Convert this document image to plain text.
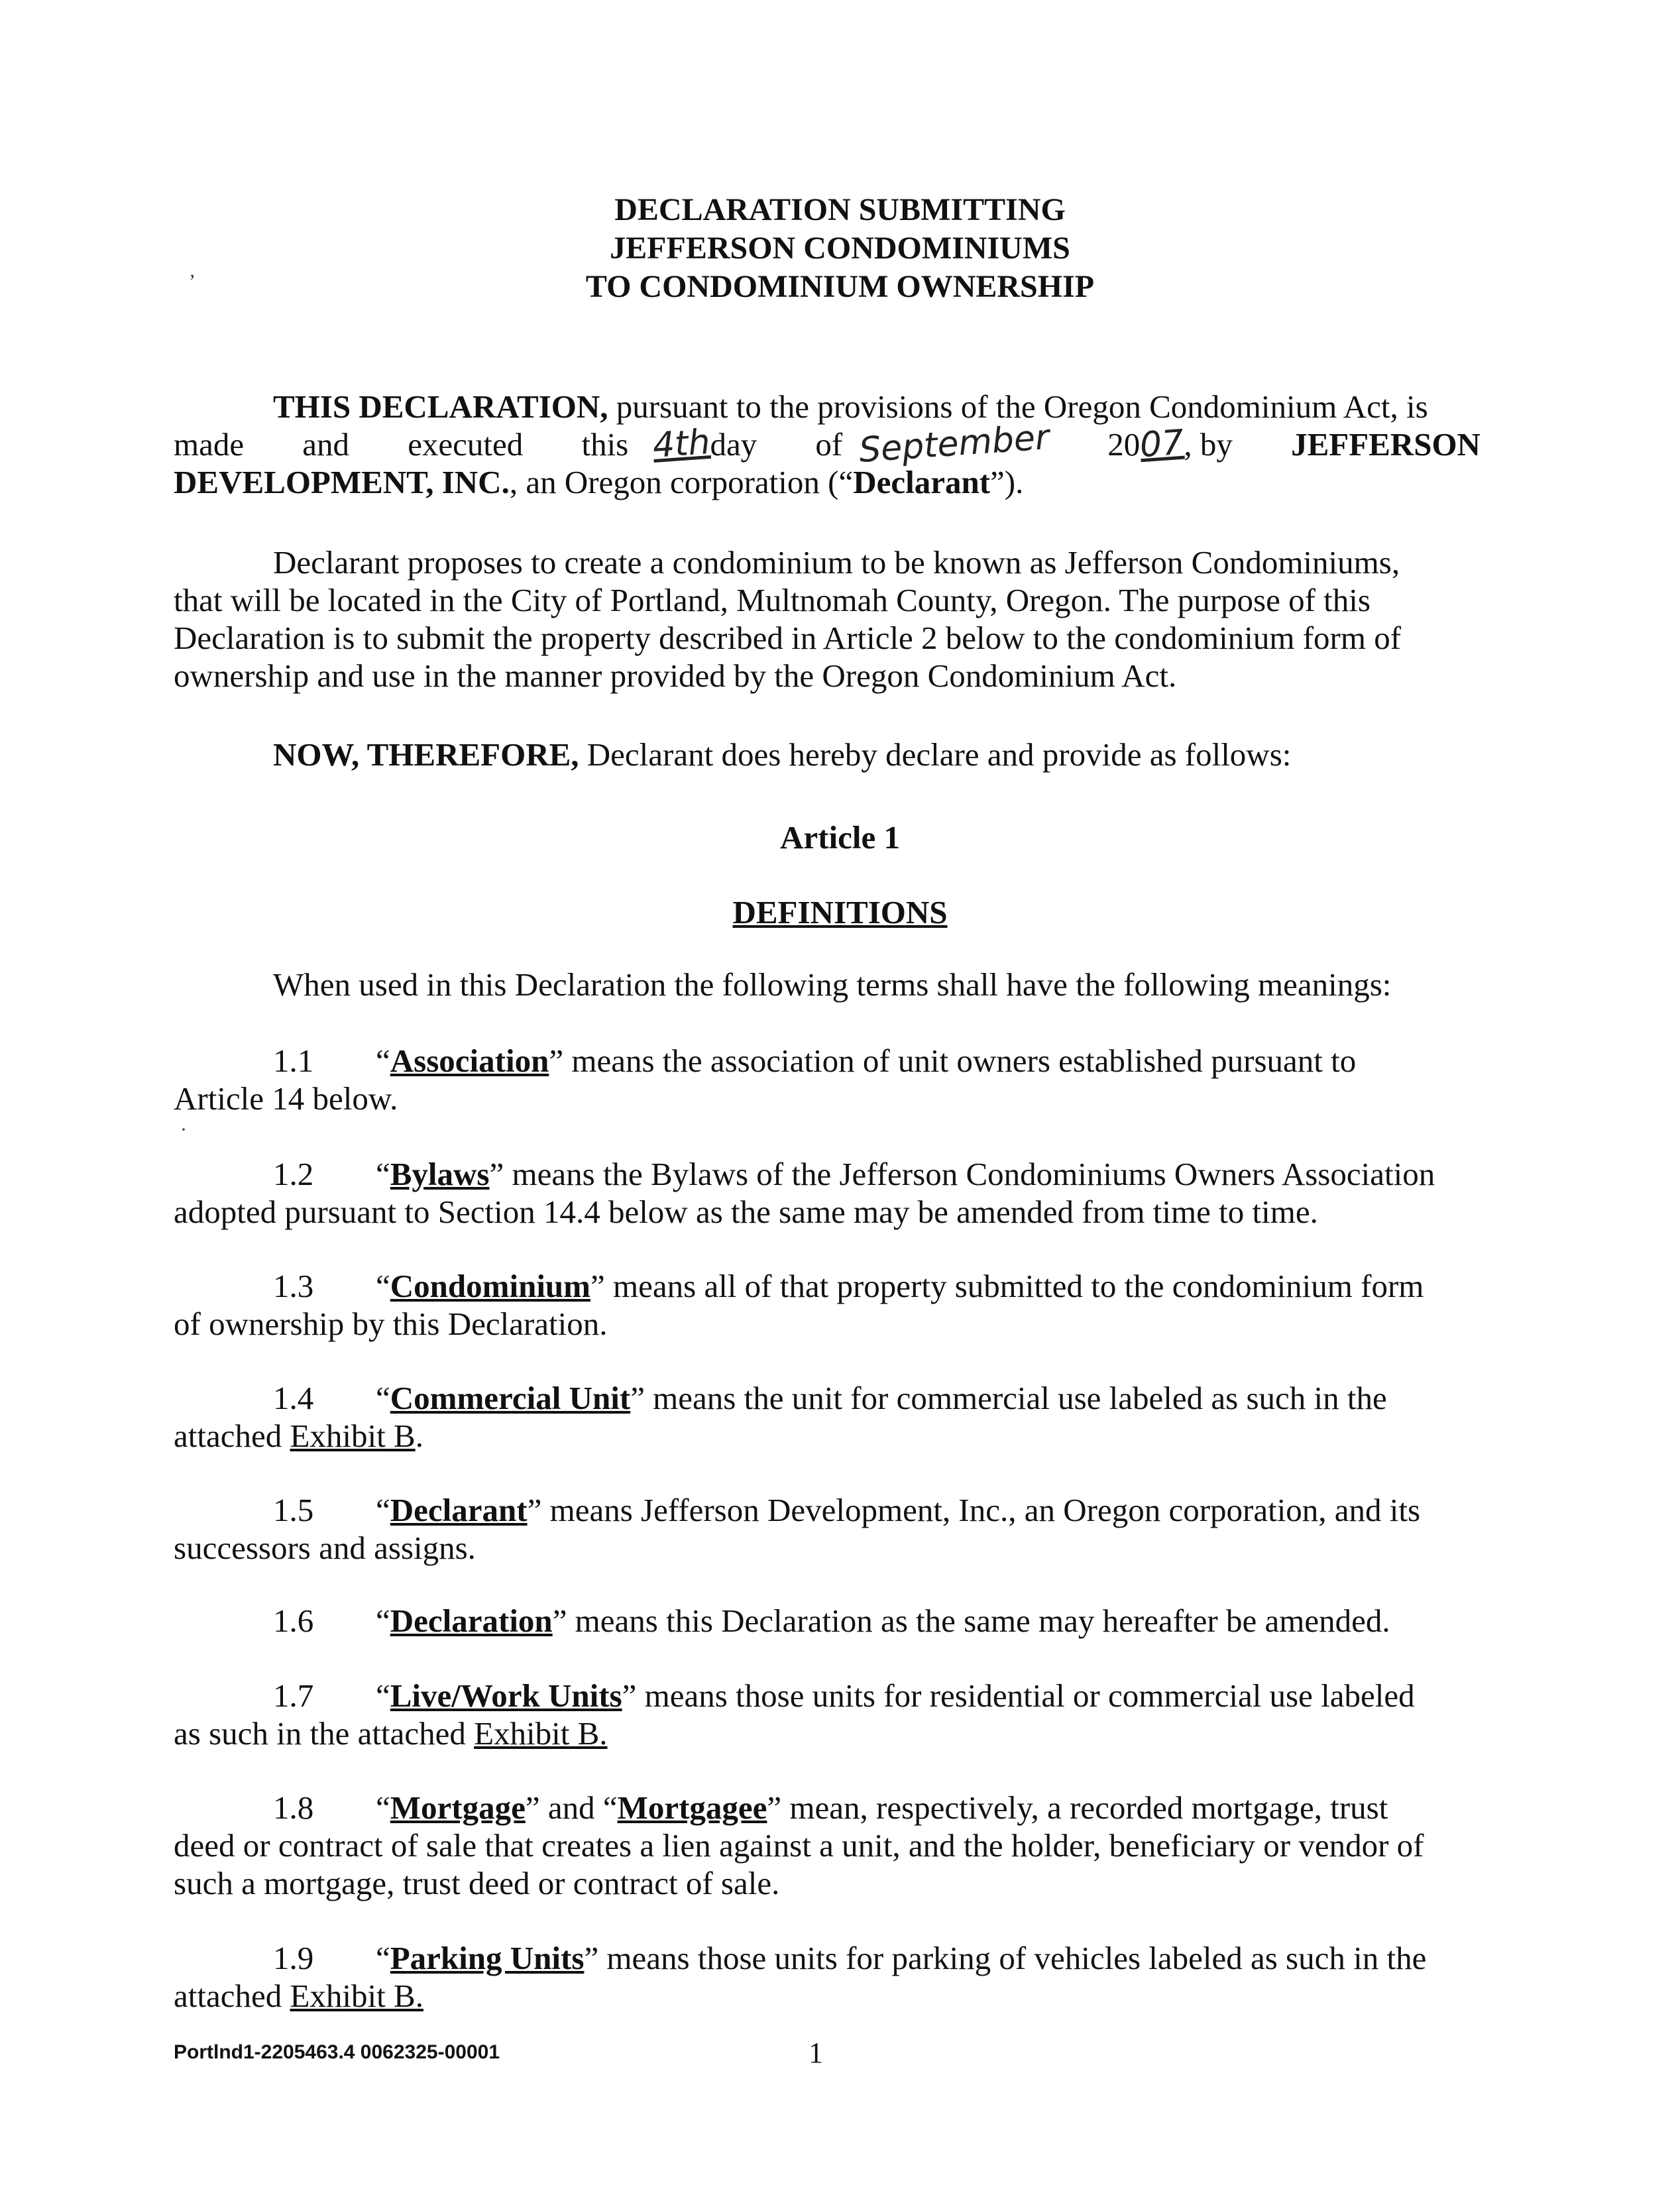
DECLARATION SUBMITTING
JEFFERSON CONDOMINIUMS
TO CONDOMINIUM OWNERSHIP
THIS DECLARATION, pursuant to the provisions of the Oregon Condominium Act, is
made and executed this 4thday of September 2007, by JEFFERSON
DEVELOPMENT, INC., an Oregon corporation (“Declarant”).
Declarant proposes to create a condominium to be known as Jefferson Condominiums,
that will be located in the City of Portland, Multnomah County, Oregon. The purpose of this
Declaration is to submit the property described in Article 2 below to the condominium form of
ownership and use in the manner provided by the Oregon Condominium Act.
NOW, THEREFORE, Declarant does hereby declare and provide as follows:
Article 1
DEFINITIONS
When used in this Declaration the following terms shall have the following meanings:
1.1 “Association” means the association of unit owners established pursuant to
Article 14 below.
1.2 “Bylaws” means the Bylaws of the Jefferson Condominiums Owners Association
adopted pursuant to Section 14.4 below as the same may be amended from time to time.
1.3 “Condominium” means all of that property submitted to the condominium form
of ownership by this Declaration.
1.4 “Commercial Unit” means the unit for commercial use labeled as such in the
attached Exhibit B.
1.5 “Declarant” means Jefferson Development, Inc., an Oregon corporation, and its
successors and assigns.
1.6 “Declaration” means this Declaration as the same may hereafter be amended.
1.7 “Live/Work Units” means those units for residential or commercial use labeled
as such in the attached Exhibit B.
1.8 “Mortgage” and “Mortgagee” mean, respectively, a recorded mortgage, trust
deed or contract of sale that creates a lien against a unit, and the holder, beneficiary or vendor of
such a mortgage, trust deed or contract of sale.
1.9 “Parking Units” means those units for parking of vehicles labeled as such in the
attached Exhibit B.
’
·
Portlnd1-2205463.4 0062325-00001	1
